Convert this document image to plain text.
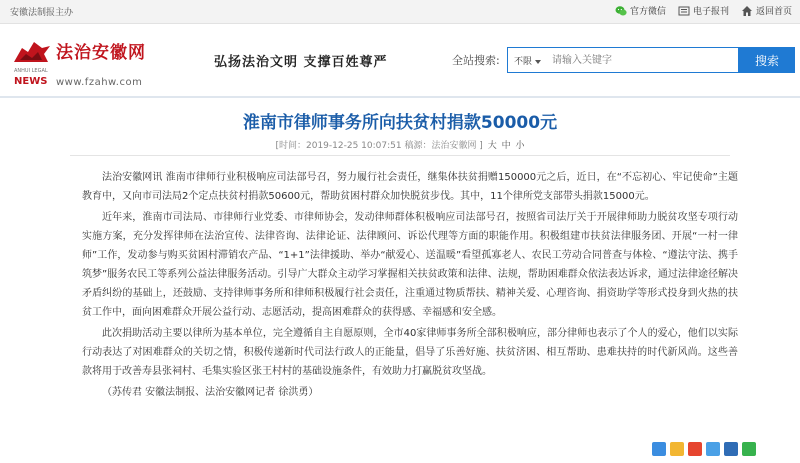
安徽法制报主办	官方微信	电子报刊	返回首页
法治安徽网
ANHUI LEGAL
NEWS www.fzahw.com
弘扬法治文明 支撑百姓尊严	全站搜索: 不限
请输入关键字	搜索
淮南市律师事务所向扶贫村捐款50000元
[时间：2019-12-25 10:07:51 稿源：法治安徽网 ] 大 中 小

法治安徽网讯 淮南市律师行业积极响应司法部号召，努力履行社会责任，继集体扶贫捐赠150000元之后，近日，在“不忘初心、牢记使命”主题教育中，又向市司法局2个定点扶贫村捐款50600元，帮助贫困村群众加快脱贫步伐。其中，11个律所党支部带头捐款15000元。

近年来，淮南市司法局、市律师行业党委、市律师协会，发动律师群体积极响应司法部号召，按照省司法厅关于开展律师助力脱贫攻坚专项行动实施方案，充分发挥律师在法治宣传、法律咨询、法律论证、法律顾问、诉讼代理等方面的职能作用。积极组建市扶贫法律服务团、开展“一村一律师”工作，发动参与购买贫困村滞销农产品、“1+1”法律援助、举办“献爱心、送温暖”看望孤寡老人、农民工劳动合同普查与体检、“遵法守法、携手筑梦”服务农民工等系列公益法律服务活动。引导广大群众主动学习掌握相关扶贫政策和法律、法规，帮助困难群众依法表达诉求，通过法律途径解决矛盾纠纷的基础上，还鼓励、支持律师事务所和律师积极履行社会责任，注重通过物质帮扶、精神关爱、心理咨询、捐资助学等形式投身到火热的扶贫工作中，面向困难群众开展公益行动、志愿活动，提高困难群众的获得感、幸福感和安全感。

此次捐助活动主要以律所为基本单位，完全遵循自主自愿原则，全市40家律师事务所全部积极响应，部分律师也表示了个人的爱心，他们以实际行动表达了对困难群众的关切之情，积极传递新时代司法行政人的正能量，倡导了乐善好施、扶贫济困、相互帮助、患难扶持的时代新风尚。这些善款将用于改善寿县张祠村、毛集实验区张王村村的基础设施条件，有效助力打赢脱贫攻坚战。

（苏传君 安徽法制报、法治安徽网记者 徐洪勇）
